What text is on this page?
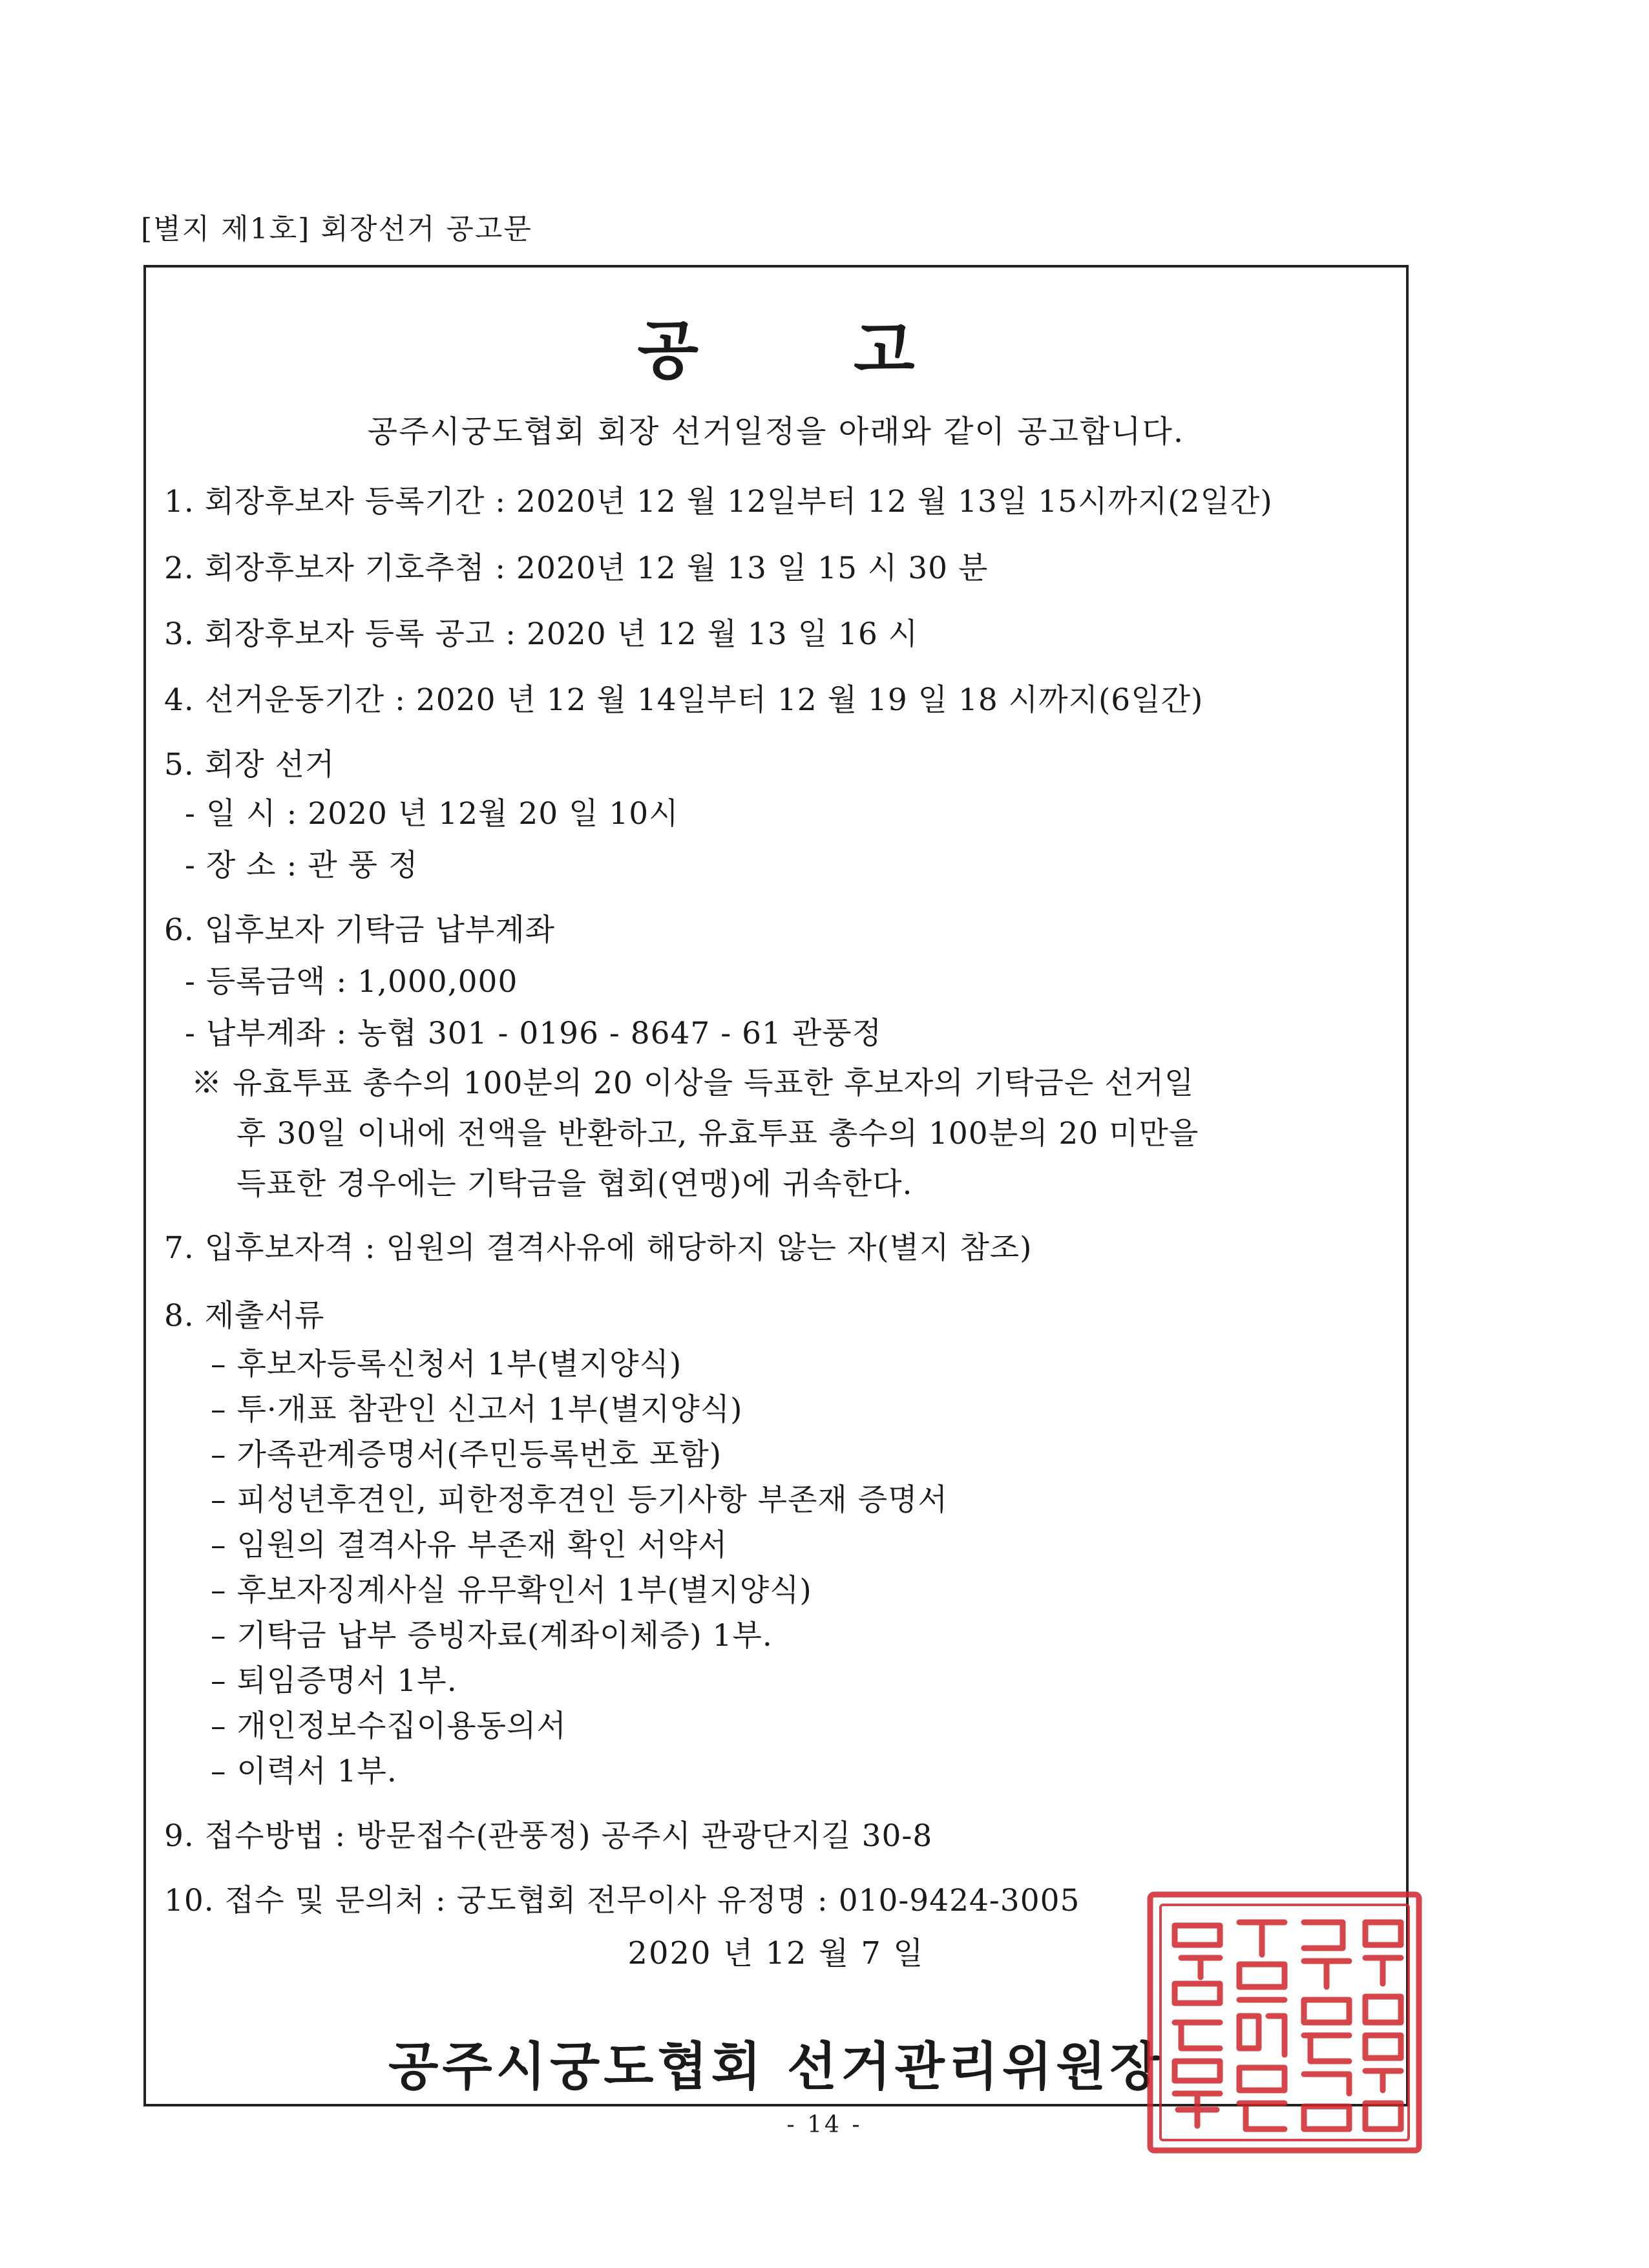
[별지 제1호] 회장선거 공고문
공 고
공주시궁도협회 회장 선거일정을 아래와 같이 공고합니다.
1. 회장후보자 등록기간 : 2020년 12 월 12일부터 12 월 13일 15시까지(2일간)
2. 회장후보자 기호추첨 : 2020년 12 월 13 일 15 시 30 분
3. 회장후보자 등록 공고 : 2020 년 12 월 13 일 16 시
4. 선거운동기간 : 2020 년 12 월 14일부터 12 월 19 일 18 시까지(6일간)
5. 회장 선거
- 일 시 : 2020 년 12월 20 일 10시
- 장 소 : 관 풍 정
6. 입후보자 기탁금 납부계좌
- 등록금액 : 1,000,000
- 납부계좌 : 농협 301 - 0196 - 8647 - 61 관풍정
※ 유효투표 총수의 100분의 20 이상을 득표한 후보자의 기탁금은 선거일
후 30일 이내에 전액을 반환하고, 유효투표 총수의 100분의 20 미만을
득표한 경우에는 기탁금을 협회(연맹)에 귀속한다.
7. 입후보자격 : 임원의 결격사유에 해당하지 않는 자(별지 참조)
8. 제출서류
– 후보자등록신청서 1부(별지양식)
– 투·개표 참관인 신고서 1부(별지양식)
– 가족관계증명서(주민등록번호 포함)
– 피성년후견인, 피한정후견인 등기사항 부존재 증명서
– 임원의 결격사유 부존재 확인 서약서
– 후보자징계사실 유무확인서 1부(별지양식)
– 기탁금 납부 증빙자료(계좌이체증) 1부.
– 퇴임증명서 1부.
– 개인정보수집이용동의서
– 이력서 1부.
9. 접수방법 : 방문접수(관풍정) 공주시 관광단지길 30-8
10. 접수 및 문의처 : 궁도협회 전무이사 유정명 : 010-9424-3005
2020 년 12 월 7 일
공주시궁도협회 선거관리위원장
- 14 -
